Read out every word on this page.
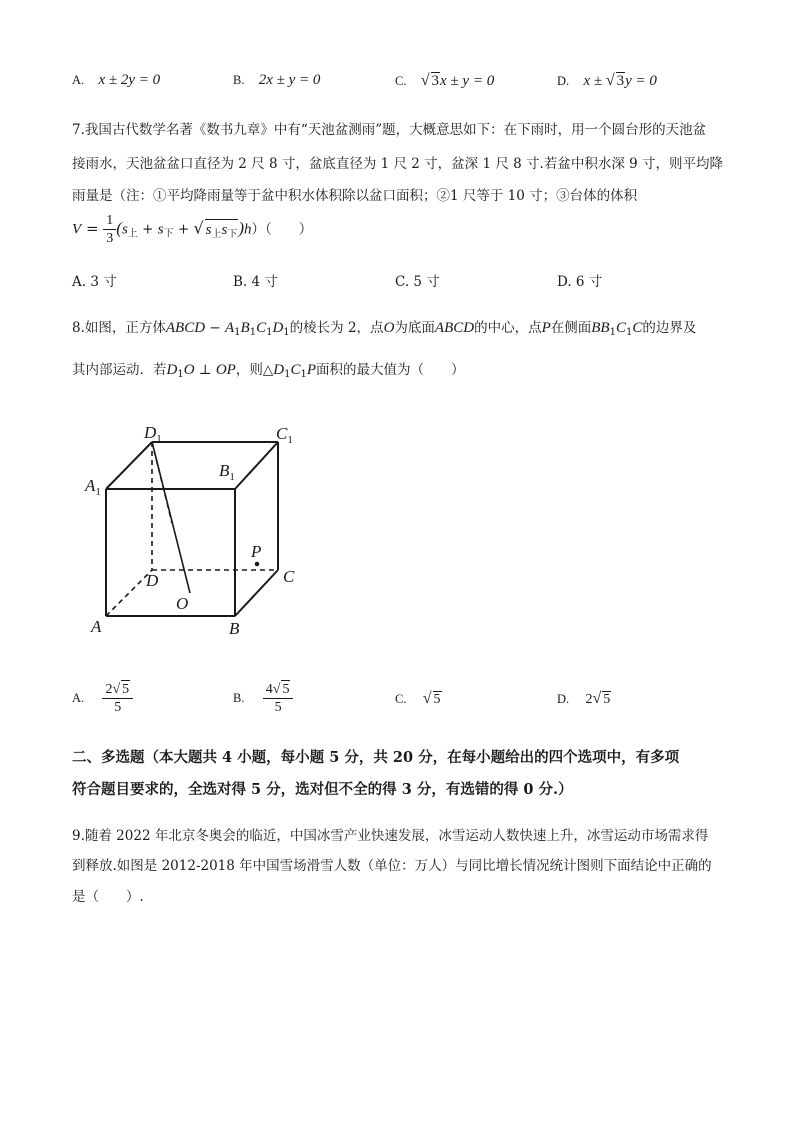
A. x ± 2y = 0	B. 2x ± y = 0	C. √ 3x ± y = 0	D. x ± √ 3y = 0
7.我国古代数学名著《数书九章》中有“天池盆测雨”题，大概意思如下：在下雨时，用一个圆台形的天池盆
接雨水，天池盆盆口直径为 2 尺 8 寸，盆底直径为 1 尺 2 寸，盆深 1 尺 8 寸.若盆中积水深 9 寸，则平均降
雨量是（注：①平均降雨量等于盆中积水体积除以盆口面积；②1 尺等于 10 寸；③台体的体积
$V = \frac{1}{3} (s_上 + s_下$ + √ $s_上s_下)h$）（　　）
A. 3 寸	B. 4 寸	C. 5 寸	D. 6 寸
8.如图，正方体ABCD − $A_1B_1C_1D_1$的棱长为 2，点O为底面ABCD的中心，点P在侧面$BB_1C_1C$的边界及
其内部运动．若$D_1O$ ⊥ OP，则$\triangle D_1C_1P$面积的最大值为（　　）
$D_1$	$C_1$
$A_1$
$B_1$
P
D	C
O
A	B
A. $\frac{2√ 5}{5}$	B. $\frac{4√ 5}{5}$	C. √ 5	D. 2√ 5
二、多选题（本大题共 4 小题，每小题 5 分，共 20 分，在每小题给出的四个选项中，有多项
符合题目要求的，全选对得 5 分，选对但不全的得 3 分，有选错的得 0 分.）
9.随着 2022 年北京冬奥会的临近，中国冰雪产业快速发展，冰雪运动人数快速上升，冰雪运动市场需求得
到释放.如图是 2012-2018 年中国雪场滑雪人数（单位：万人）与同比增长情况统计图则下面结论中正确的
是（　　）.
